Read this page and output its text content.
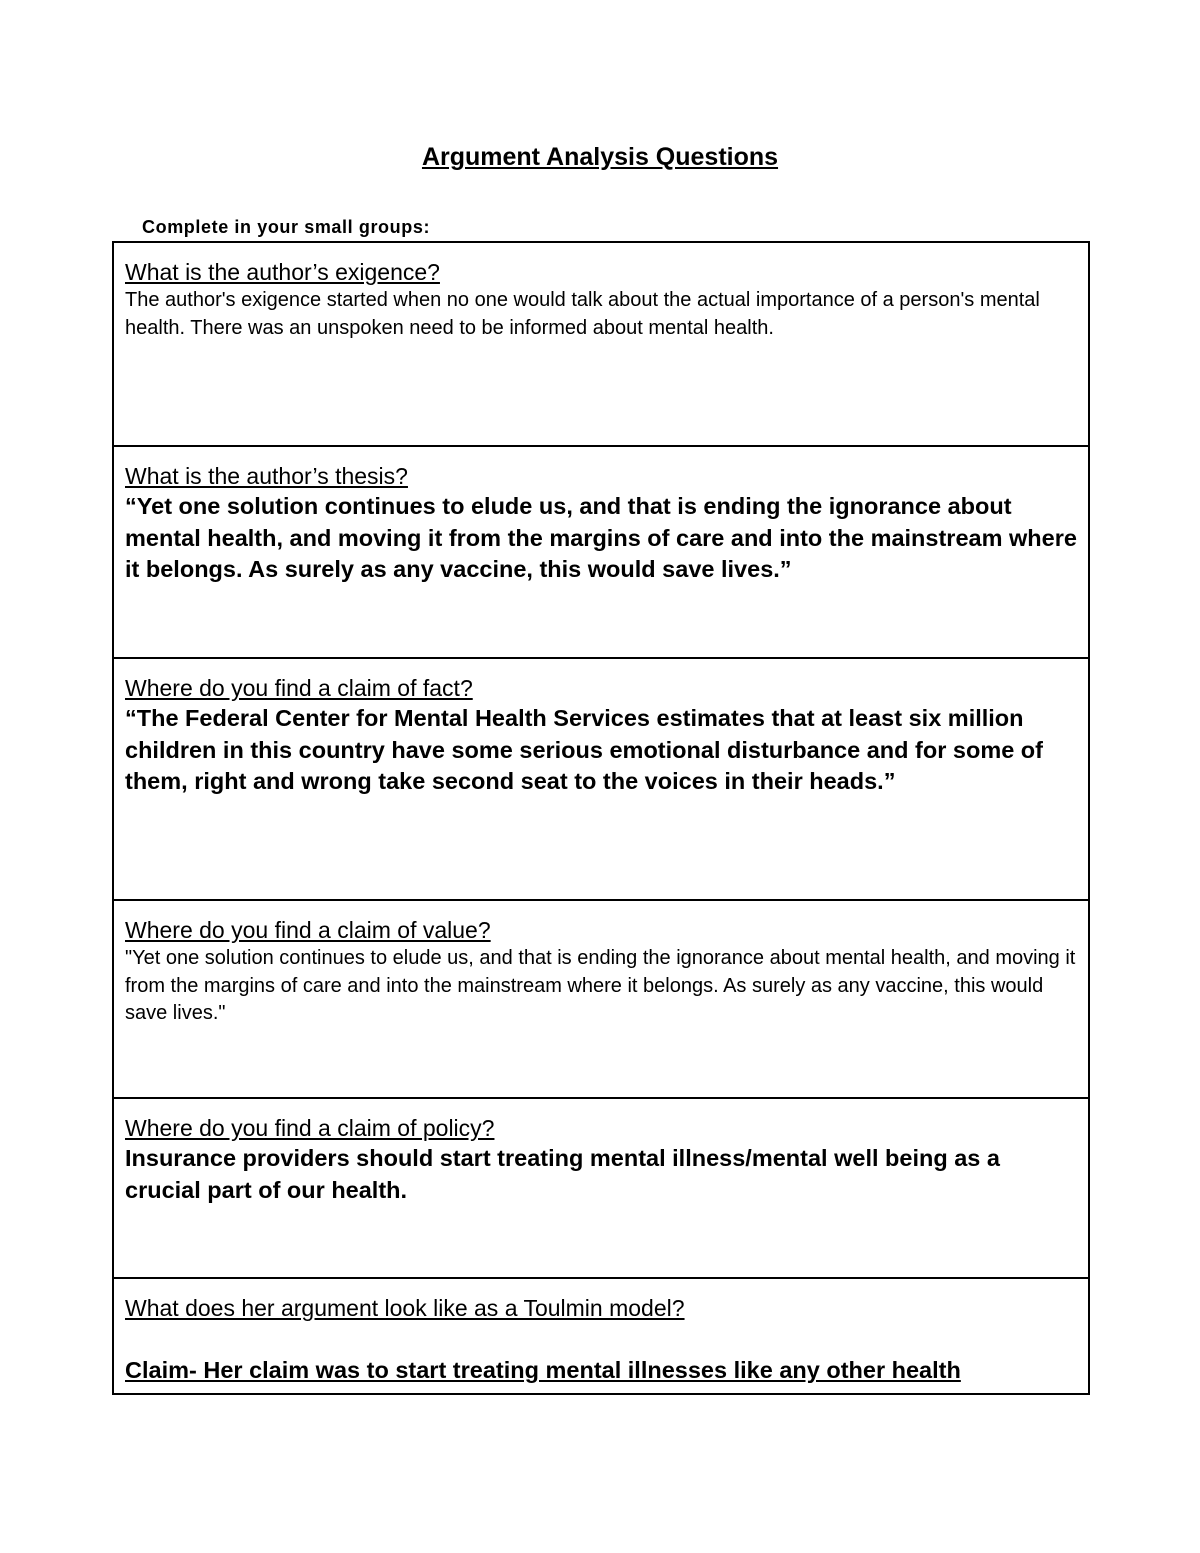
Argument Analysis Questions
Complete in your small groups:
What is the author’s exigence?
The author's exigence started when no one would talk about the actual importance of a person's mental health. There was an unspoken need to be informed about mental health.
What is the author’s thesis?
“Yet one solution continues to elude us, and that is ending the ignorance about mental health, and moving it from the margins of care and into the mainstream where it belongs. As surely as any vaccine, this would save lives.”
Where do you find a claim of fact?
“The Federal Center for Mental Health Services estimates that at least six million children in this country have some serious emotional disturbance and for some of them, right and wrong take second seat to the voices in their heads.”
Where do you find a claim of value?
"Yet one solution continues to elude us, and that is ending the ignorance about mental health, and moving it from the margins of care and into the mainstream where it belongs. As surely as any vaccine, this would save lives."
Where do you find a claim of policy?
Insurance providers should start treating mental illness/mental well being as a crucial part of our health.
What does her argument look like as a Toulmin model?
Claim- Her claim was to start treating mental illnesses like any other health
